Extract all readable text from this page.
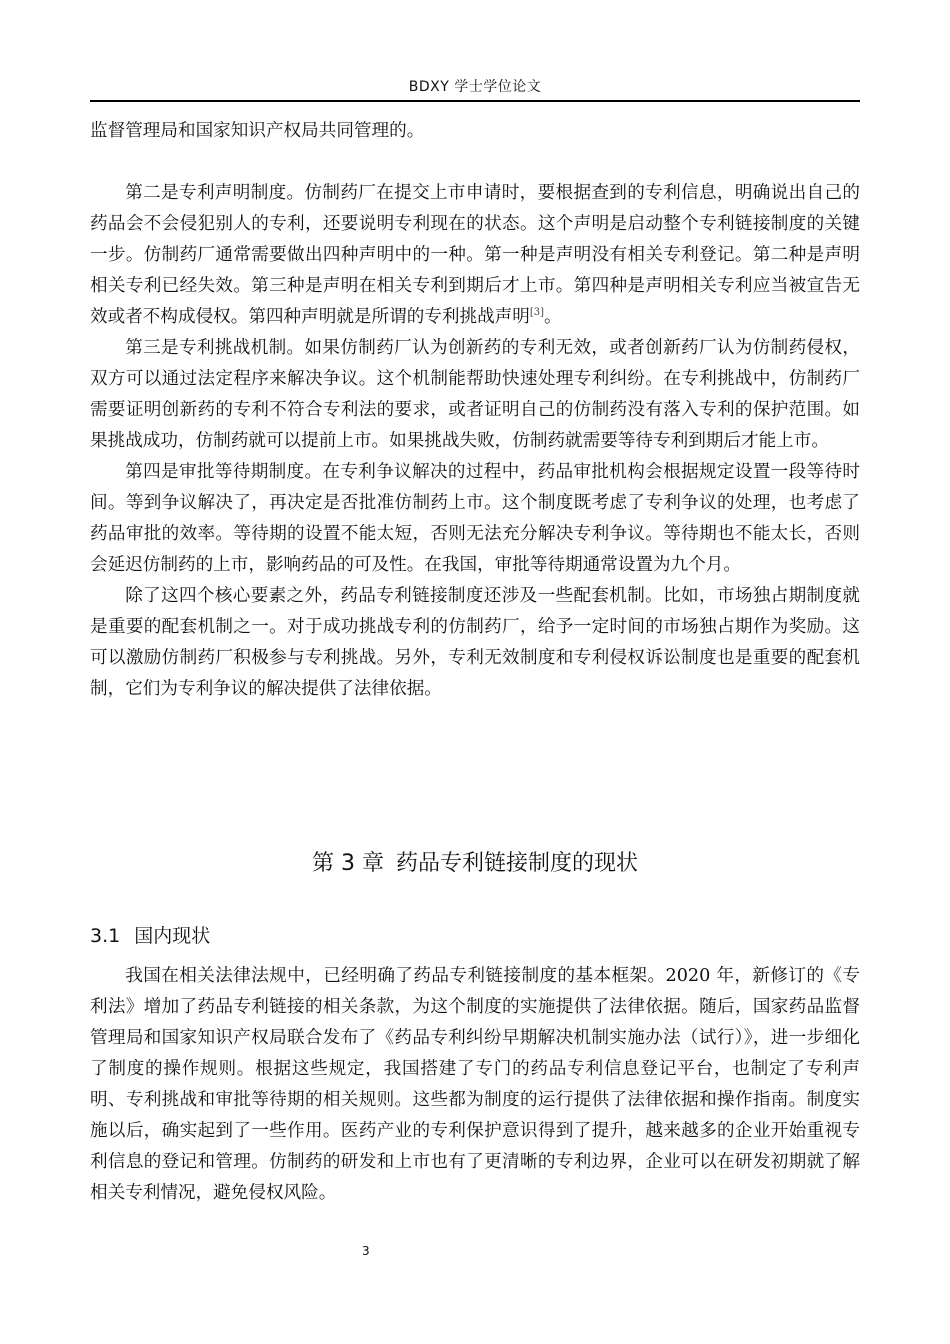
BDXY 学士学位论文

监督管理局和国家知识产权局共同管理的。

第二是专利声明制度。仿制药厂在提交上市申请时，要根据查到的专利信息，明确说出自己的药品会不会侵犯别人的专利，还要说明专利现在的状态。这个声明是启动整个专利链接制度的关键一步。仿制药厂通常需要做出四种声明中的一种。第一种是声明没有相关专利登记。第二种是声明相关专利已经失效。第三种是声明在相关专利到期后才上市。第四种是声明相关专利应当被宣告无效或者不构成侵权。第四种声明就是所谓的专利挑战声明[3]。

第三是专利挑战机制。如果仿制药厂认为创新药的专利无效，或者创新药厂认为仿制药侵权，双方可以通过法定程序来解决争议。这个机制能帮助快速处理专利纠纷。在专利挑战中，仿制药厂需要证明创新药的专利不符合专利法的要求，或者证明自己的仿制药没有落入专利的保护范围。如果挑战成功，仿制药就可以提前上市。如果挑战失败，仿制药就需要等待专利到期后才能上市。

第四是审批等待期制度。在专利争议解决的过程中，药品审批机构会根据规定设置一段等待时间。等到争议解决了，再决定是否批准仿制药上市。这个制度既考虑了专利争议的处理，也考虑了药品审批的效率。等待期的设置不能太短，否则无法充分解决专利争议。等待期也不能太长，否则会延迟仿制药的上市，影响药品的可及性。在我国，审批等待期通常设置为九个月。

除了这四个核心要素之外，药品专利链接制度还涉及一些配套机制。比如，市场独占期制度就是重要的配套机制之一。对于成功挑战专利的仿制药厂，给予一定时间的市场独占期作为奖励。这可以激励仿制药厂积极参与专利挑战。另外，专利无效制度和专利侵权诉讼制度也是重要的配套机制，它们为专利争议的解决提供了法律依据。

第 3 章 药品专利链接制度的现状
3.1 国内现状

我国在相关法律法规中，已经明确了药品专利链接制度的基本框架。2020 年，新修订的《专利法》增加了药品专利链接的相关条款，为这个制度的实施提供了法律依据。随后，国家药品监督管理局和国家知识产权局联合发布了《药品专利纠纷早期解决机制实施办法（试行）》，进一步细化了制度的操作规则。根据这些规定，我国搭建了专门的药品专利信息登记平台，也制定了专利声明、专利挑战和审批等待期的相关规则。这些都为制度的运行提供了法律依据和操作指南。制度实施以后，确实起到了一些作用。医药产业的专利保护意识得到了提升，越来越多的企业开始重视专利信息的登记和管理。仿制药的研发和上市也有了更清晰的专利边界，企业可以在研发初期就了解相关专利情况，避免侵权风险。

3
